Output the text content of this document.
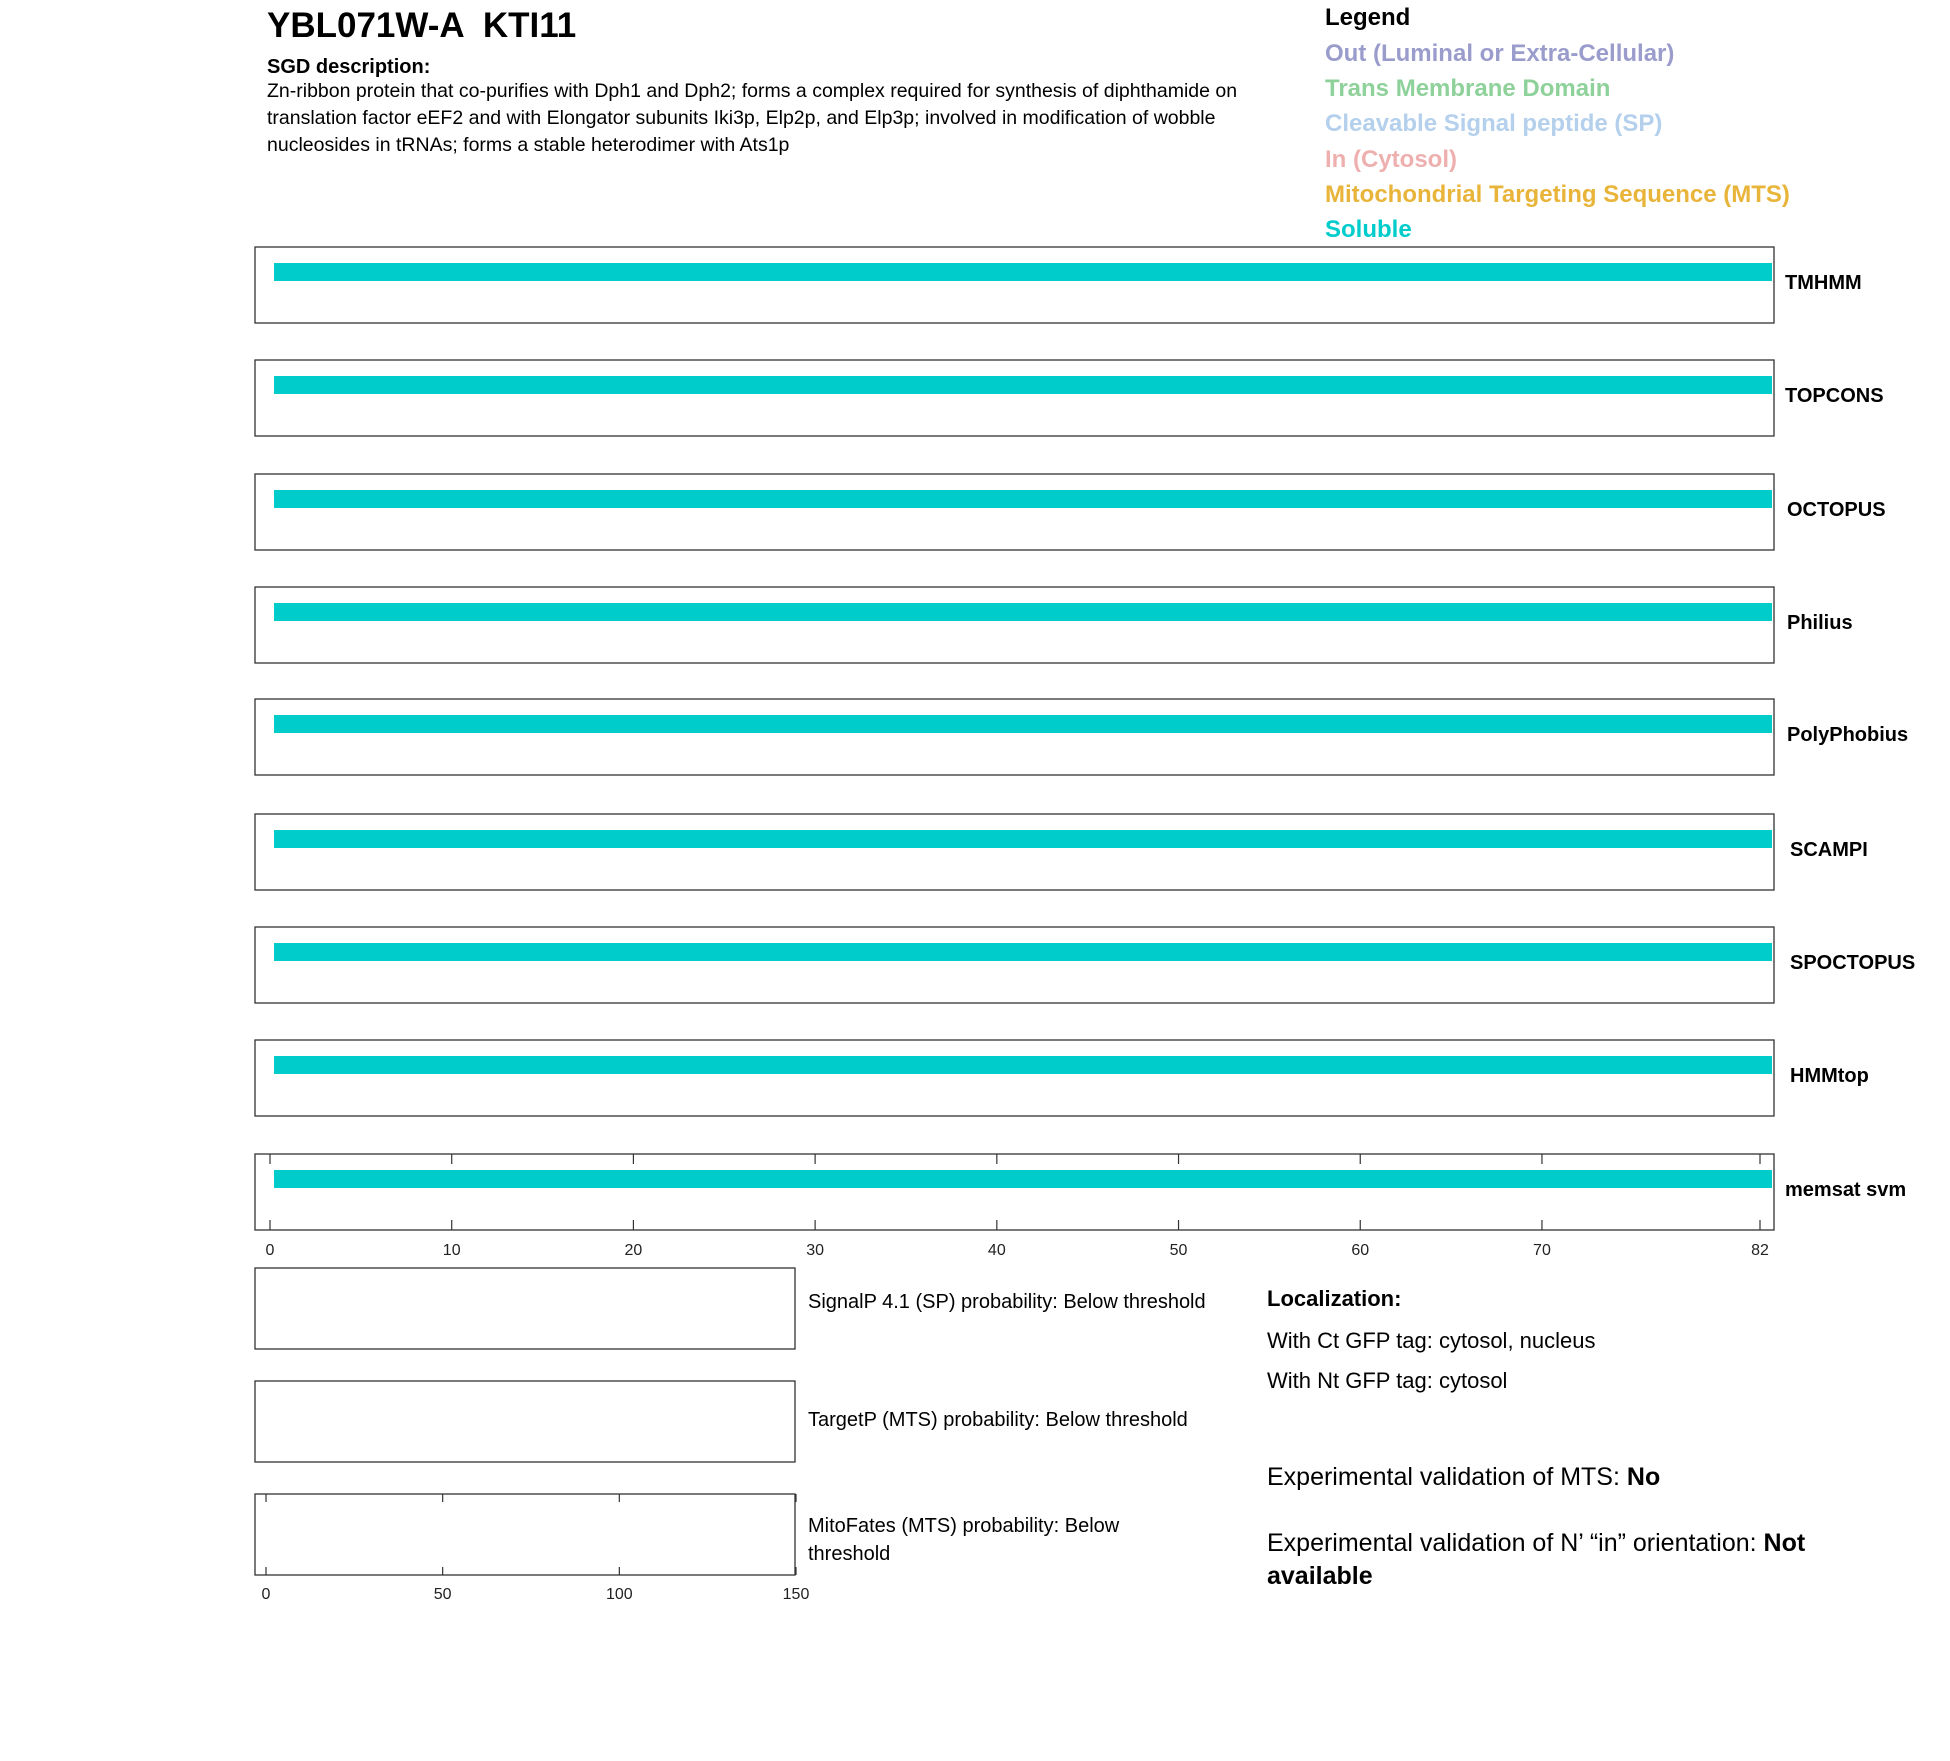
YBL071W-A KTI11
SGD description:
Zn-ribbon protein that co-purifies with Dph1 and Dph2; forms a complex required for synthesis of diphthamide on translation factor eEF2 and with Elongator subunits Iki3p, Elp2p, and Elp3p; involved in modification of wobble nucleosides in tRNAs; forms a stable heterodimer with Ats1p
Legend
Out (Luminal or Extra-Cellular)
Trans Membrane Domain
Cleavable Signal peptide (SP)
In (Cytosol)
Mitochondrial Targeting Sequence (MTS)
Soluble
0	10	20	30	40	50	60	70	82
TMHMM
TOPCONS
OCTOPUS
Philius
PolyPhobius
SCAMPI
SPOCTOPUS
HMMtop
memsat svm
0	50	100	150
SignalP 4.1 (SP) probability: Below threshold
TargetP (MTS) probability: Below threshold
MitoFates (MTS) probability: Below threshold
Localization:
With Ct GFP tag: cytosol, nucleus
With Nt GFP tag: cytosol
Experimental validation of MTS: No
Experimental validation of N’ “in” orientation: Not available
